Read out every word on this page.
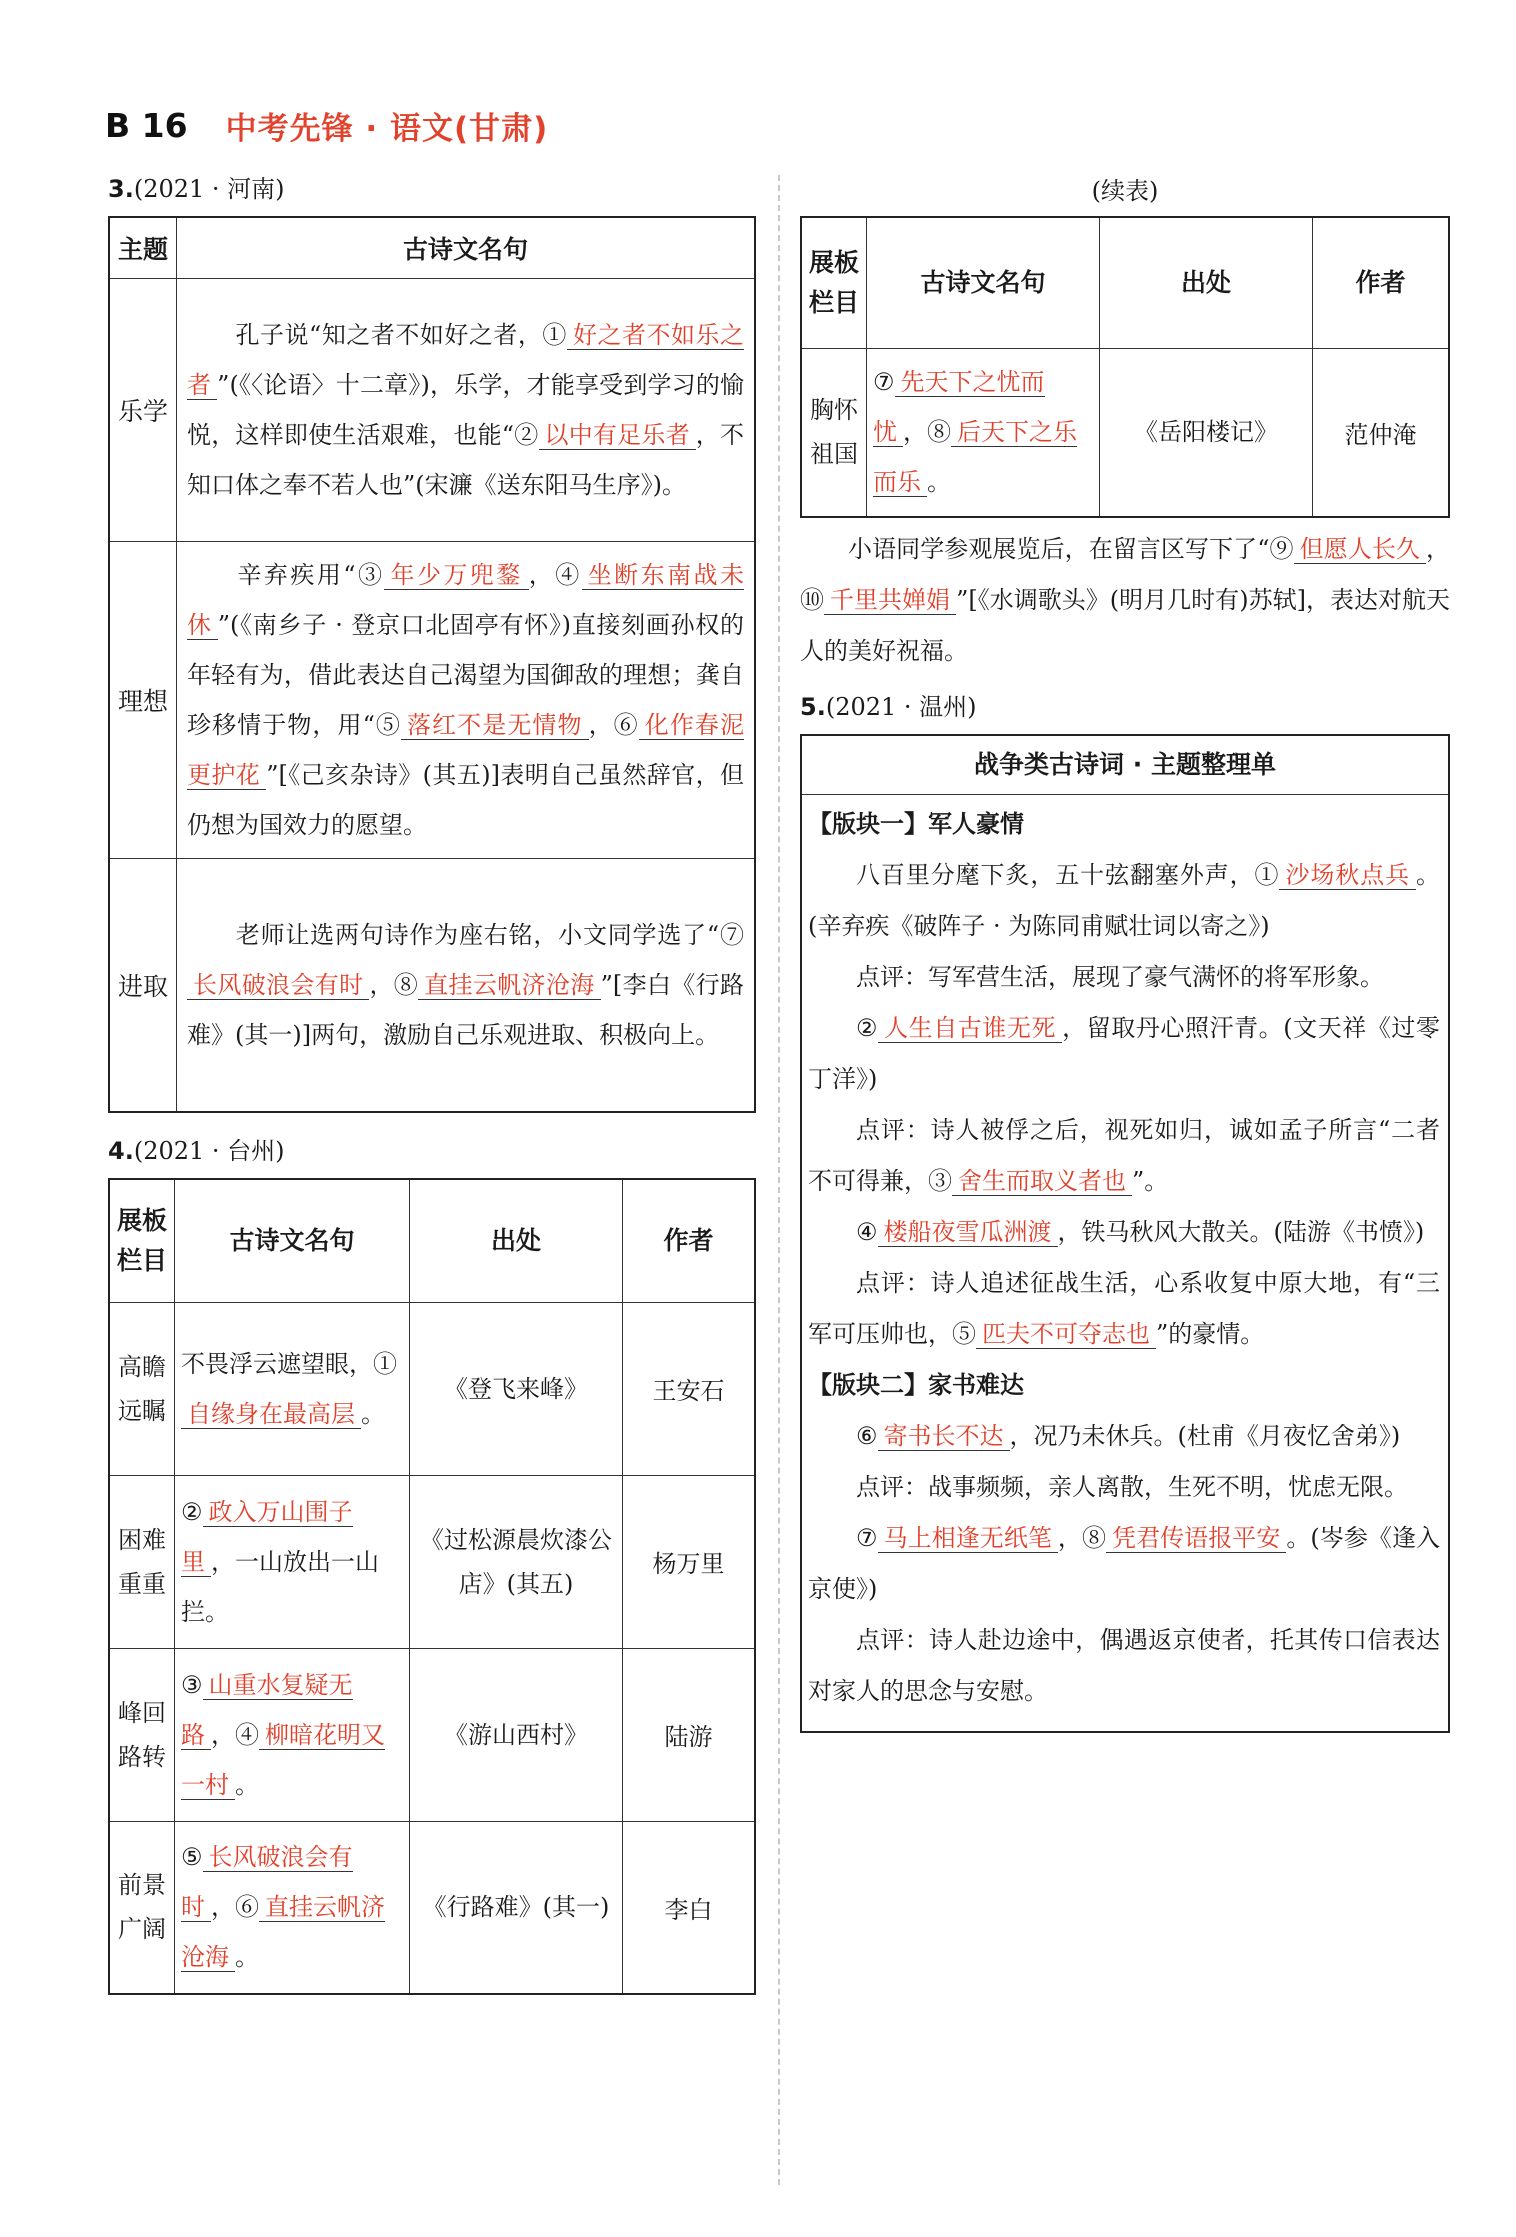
B 16 中考先锋 · 语文(甘肃)
3.(2021 · 河南)
主题	古诗文名句
乐学	  孔子说“知之者不如好之者，① 好之者不如乐之者 ”(《〈论语〉十二章》)，乐学，才能享受到学习的愉悦，这样即使生活艰难，也能“② 以中有足乐者 ，不知口体之奉不若人也”(宋濂《送东阳马生序》)。
理想	  辛弃疾用“③ 年少万兜鍪 ，④ 坐断东南战未休 ”(《南乡子 · 登京口北固亭有怀》)直接刻画孙权的年轻有为，借此表达自己渴望为国御敌的理想；龚自珍移情于物，用“⑤ 落红不是无情物 ，⑥ 化作春泥更护花 ”[《己亥杂诗》(其五)]表明自己虽然辞官，但仍想为国效力的愿望。
进取	  老师让选两句诗作为座右铭，小文同学选了“⑦长风破浪会有时 ，⑧ 直挂云帆济沧海 ”[李白《行路难》(其一)]两句，激励自己乐观进取、积极向上。
4.(2021 · 台州)
展板栏目	古诗文名句	出处	作者
高瞻远瞩	不畏浮云遮望眼，①自缘身在最高层 。	《登飞来峰》	王安石
困难重重	② 政入万山围子里 ，一山放出一山拦。	《过松源晨炊漆公店》(其五)	杨万里
峰回路转	③ 山重水复疑无路 ，④ 柳暗花明又一村 。	《游山西村》	陆游
前景广阔	⑤ 长风破浪会有时 ，⑥ 直挂云帆济沧海 。	《行路难》(其一)	李白
(续表)
展板栏目	古诗文名句	出处	作者
胸怀祖国	⑦ 先天下之忧而忧 ，⑧ 后天下之乐而乐 。	《岳阳楼记》	范仲淹

小语同学参观展览后，在留言区写下了“⑨ 但愿人长久 ，⑩ 千里共婵娟 ”[《水调歌头》(明月几时有)苏轼]，表达对航天人的美好祝福。

5.(2021 · 温州)
战争类古诗词 · 主题整理单

【版块一】军人豪情

八百里分麾下炙，五十弦翻塞外声，① 沙场秋点兵 。(辛弃疾《破阵子 · 为陈同甫赋壮词以寄之》)

点评：写军营生活，展现了豪气满怀的将军形象。

② 人生自古谁无死 ，留取丹心照汗青。(文天祥《过零丁洋》)

点评：诗人被俘之后，视死如归，诚如孟子所言“二者不可得兼，③ 舍生而取义者也 ”。

④ 楼船夜雪瓜洲渡 ，铁马秋风大散关。(陆游《书愤》)

点评：诗人追述征战生活，心系收复中原大地，有“三军可压帅也，⑤ 匹夫不可夺志也 ”的豪情。

【版块二】家书难达

⑥ 寄书长不达 ，况乃未休兵。(杜甫《月夜忆舍弟》)

点评：战事频频，亲人离散，生死不明，忧虑无限。

⑦ 马上相逢无纸笔 ，⑧ 凭君传语报平安 。(岑参《逢入京使》)

点评：诗人赴边途中，偶遇返京使者，托其传口信表达对家人的思念与安慰。
